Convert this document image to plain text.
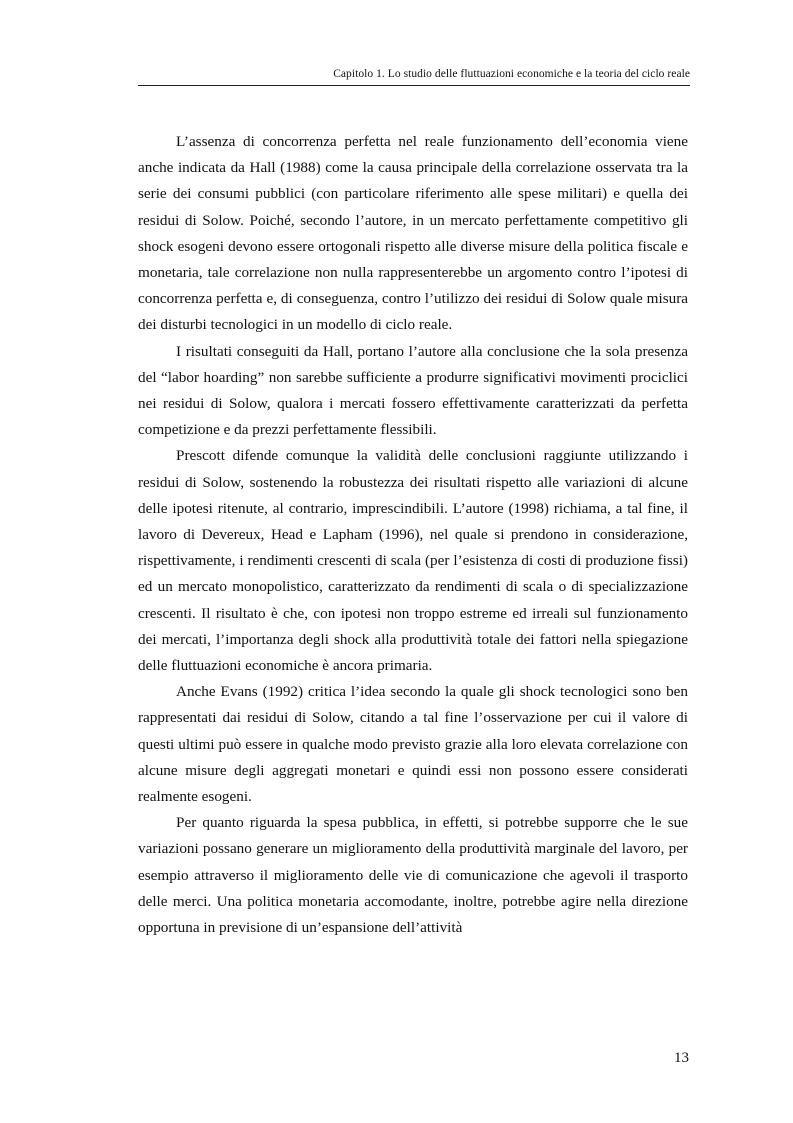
Capitolo 1. Lo studio delle fluttuazioni economiche e la teoria del ciclo reale

L’assenza di concorrenza perfetta nel reale funzionamento dell’economia viene anche indicata da Hall (1988) come la causa principale della correlazione osservata tra la serie dei consumi pubblici (con particolare riferimento alle spese militari) e quella dei residui di Solow. Poiché, secondo l’autore, in un mercato perfettamente competitivo gli shock esogeni devono essere ortogonali rispetto alle diverse misure della politica fiscale e monetaria, tale correlazione non nulla rappresenterebbe un argomento contro l’ipotesi di concorrenza perfetta e, di conseguenza, contro l’utilizzo dei residui di Solow quale misura dei disturbi tecnologici in un modello di ciclo reale.

I risultati conseguiti da Hall, portano l’autore alla conclusione che la sola presenza del “labor hoarding” non sarebbe sufficiente a produrre significativi movimenti prociclici nei residui di Solow, qualora i mercati fossero effettivamente caratterizzati da perfetta competizione e da prezzi perfettamente flessibili.

Prescott difende comunque la validità delle conclusioni raggiunte utilizzando i residui di Solow, sostenendo la robustezza dei risultati rispetto alle variazioni di alcune delle ipotesi ritenute, al contrario, imprescindibili. L’autore (1998) richiama, a tal fine, il lavoro di Devereux, Head e Lapham (1996), nel quale si prendono in considerazione, rispettivamente, i rendimenti crescenti di scala (per l’esistenza di costi di produzione fissi) ed un mercato monopolistico, caratterizzato da rendimenti di scala o di specializzazione crescenti. Il risultato è che, con ipotesi non troppo estreme ed irreali sul funzionamento dei mercati, l’importanza degli shock alla produttività totale dei fattori nella spiegazione delle fluttuazioni economiche è ancora primaria.

Anche Evans (1992) critica l’idea secondo la quale gli shock tecnologici sono ben rappresentati dai residui di Solow, citando a tal fine l’osservazione per cui il valore di questi ultimi può essere in qualche modo previsto grazie alla loro elevata correlazione con alcune misure degli aggregati monetari e quindi essi non possono essere considerati realmente esogeni.

Per quanto riguarda la spesa pubblica, in effetti, si potrebbe supporre che le sue variazioni possano generare un miglioramento della produttività marginale del lavoro, per esempio attraverso il miglioramento delle vie di comunicazione che agevoli il trasporto delle merci. Una politica monetaria accomodante, inoltre, potrebbe agire nella direzione opportuna in previsione di un’espansione dell’attività

13
